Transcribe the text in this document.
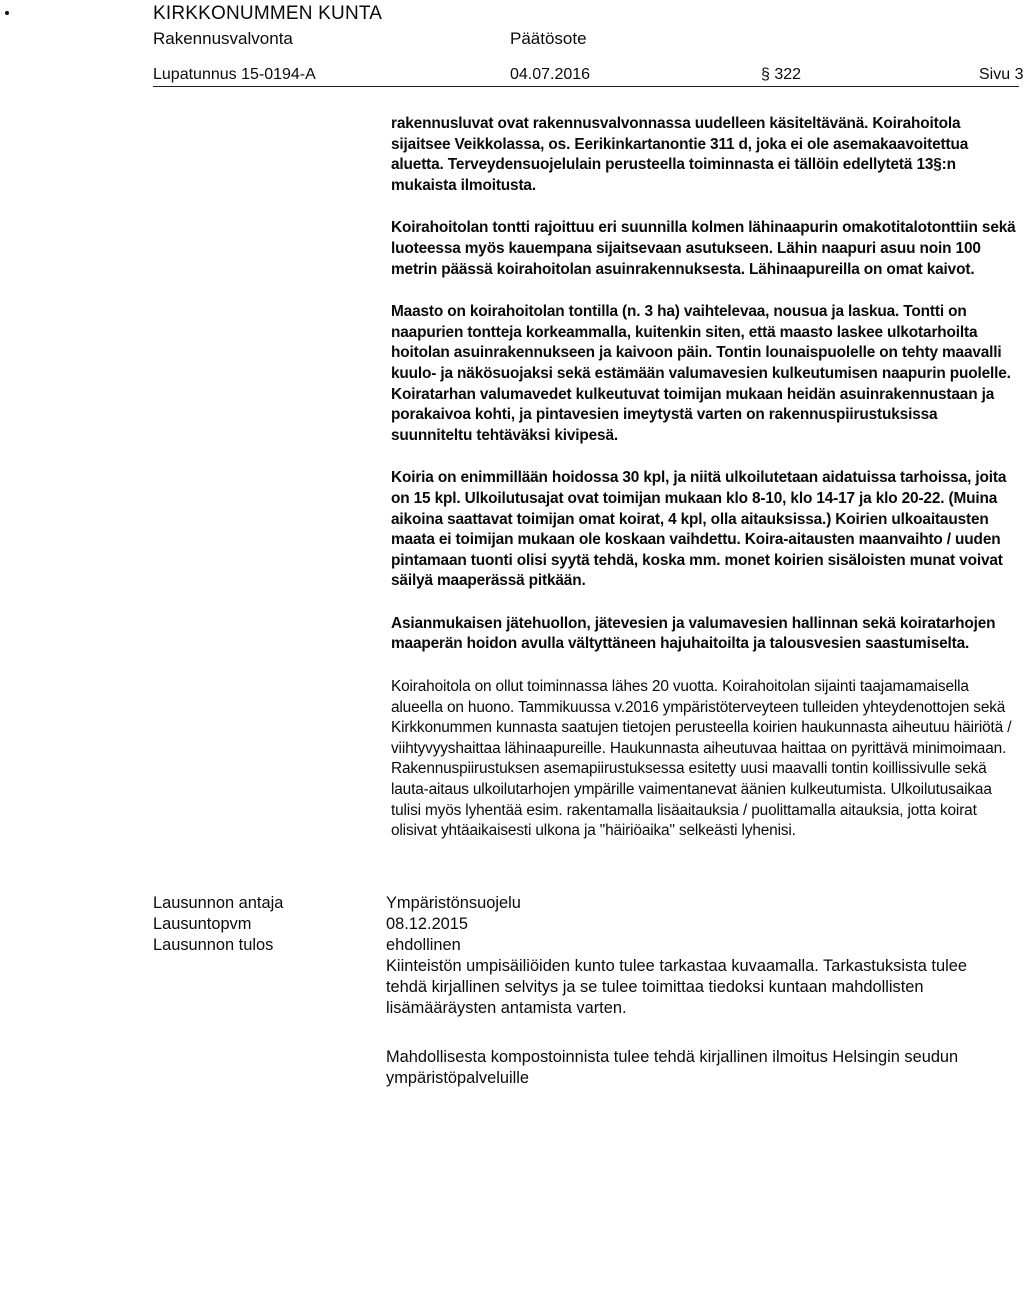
KIRKKONUMMEN KUNTA
Rakennusvalvonta	Päätösote
Lupatunnus 15-0194-A	04.07.2016	§ 322	Sivu 3

rakennusluvat ovat rakennusvalvonnassa uudelleen käsiteltävänä. Koirahoitola sijaitsee Veikkolassa, os. Eerikinkartanontie 311 d, joka ei ole asemakaavoitettua aluetta. Terveydensuojelulain perusteella toiminnasta ei tällöin edellytetä 13§:n mukaista ilmoitusta.

Koirahoitolan tontti rajoittuu eri suunnilla kolmen lähinaapurin omakotitalotonttiin sekä luoteessa myös kauempana sijaitsevaan asutukseen. Lähin naapuri asuu noin 100 metrin päässä koirahoitolan asuinrakennuksesta. Lähinaapureilla on omat kaivot.

Maasto on koirahoitolan tontilla (n. 3 ha) vaihtelevaa, nousua ja laskua. Tontti on naapurien tontteja korkeammalla, kuitenkin siten, että maasto laskee ulkotarhoilta hoitolan asuinrakennukseen ja kaivoon päin. Tontin lounaispuolelle on tehty maavalli kuulo- ja näkösuojaksi sekä estämään valumavesien kulkeutumisen naapurin puolelle. Koiratarhan valumavedet kulkeutuvat toimijan mukaan heidän asuinrakennustaan ja porakaivoa kohti, ja pintavesien imeytystä varten on rakennuspiirustuksissa suunniteltu tehtäväksi kivipesä.

Koiria on enimmillään hoidossa 30 kpl, ja niitä ulkoilutetaan aidatuissa tarhoissa, joita on 15 kpl. Ulkoilutusajat ovat toimijan mukaan klo 8-10, klo 14-17 ja klo 20-22. (Muina aikoina saattavat toimijan omat koirat, 4 kpl, olla aitauksissa.) Koirien ulkoaitausten maata ei toimijan mukaan ole koskaan vaihdettu. Koira-aitausten maanvaihto / uuden pintamaan tuonti olisi syytä tehdä, koska mm. monet koirien sisäloisten munat voivat säilyä maaperässä pitkään.

Asianmukaisen jätehuollon, jätevesien ja valumavesien hallinnan sekä koiratarhojen maaperän hoidon avulla vältyttäneen hajuhaitoilta ja talousvesien saastumiselta.

Koirahoitola on ollut toiminnassa lähes 20 vuotta. Koirahoitolan sijainti taajamamaisella alueella on huono. Tammikuussa v.2016 ympäristöterveyteen tulleiden yhteydenottojen sekä Kirkkonummen kunnasta saatujen tietojen perusteella koirien haukunnasta aiheutuu häiriötä / viihtyvyyshaittaa lähinaapureille. Haukunnasta aiheutuvaa haittaa on pyrittävä minimoimaan. Rakennuspiirustuksen asemapiirustuksessa esitetty uusi maavalli tontin koillissivulle sekä lauta-aitaus ulkoilutarhojen ympärille vaimentanevat äänien kulkeutumista. Ulkoilutusaikaa tulisi myös lyhentää esim. rakentamalla lisäaitauksia / puolittamalla aitauksia, jotta koirat olisivat yhtäaikaisesti ulkona ja "häiriöaika" selkeästi lyhenisi.

Lausunnon antaja	Ympäristönsuojelu
Lausuntopvm	08.12.2015
Lausunnon tulos	ehdollinen

Kiinteistön umpisäiliöiden kunto tulee tarkastaa kuvaamalla. Tarkastuksista tulee tehdä kirjallinen selvitys ja se tulee toimittaa tiedoksi kuntaan mahdollisten lisämääräysten antamista varten.

Mahdollisesta kompostoinnista tulee tehdä kirjallinen ilmoitus Helsingin seudun ympäristöpalveluille
